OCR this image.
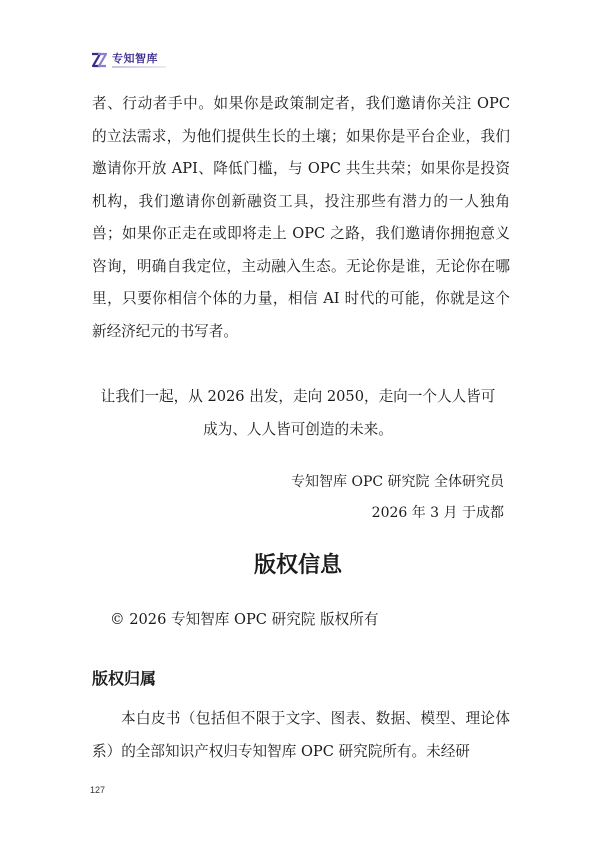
专知智库

者、行动者手中。如果你是政策制定者，我们邀请你关注 OPC 的立法需求，为他们提供生长的土壤；如果你是平台企业，我们邀请你开放 API、降低门槛，与 OPC 共生共荣；如果你是投资机构，我们邀请你创新融资工具，投注那些有潜力的一人独角兽；如果你正走在或即将走上 OPC 之路，我们邀请你拥抱意义咨询，明确自我定位，主动融入生态。无论你是谁，无论你在哪里，只要你相信个体的力量，相信 AI 时代的可能，你就是这个新经济纪元的书写者。

让我们一起，从 2026 出发，走向 2050，走向一个人人皆可
成为、人人皆可创造的未来。
专知智库 OPC 研究院 全体研究员
2026 年 3 月 于成都
版权信息
© 2026 专知智库 OPC 研究院 版权所有
版权归属

本白皮书（包括但不限于文字、图表、数据、模型、理论体系）的全部知识产权归专知智库 OPC 研究院所有。未经研

127
